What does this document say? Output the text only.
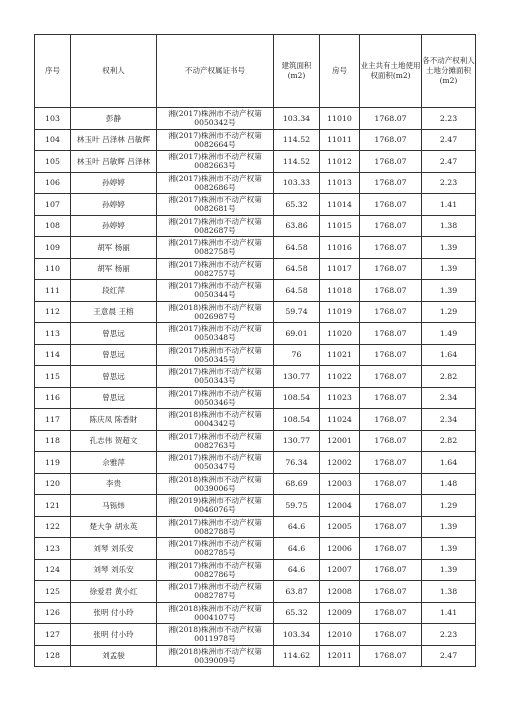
序号	权利人	不动产权属证书号	建筑面积(m2)	房号	业主共有土地使用权面积(m2)	各不动产权利人土地分摊面积(m2)
103	彭静	湘(2017)株洲市不动产权第0050342号	103.34	11010	1768.07	2.23
104	林玉叶 吕泽林 吕敏辉	湘(2017)株洲市不动产权第0082664号	114.52	11011	1768.07	2.47
105	林玉叶 吕敏辉 吕泽林	湘(2017)株洲市不动产权第0082663号	114.52	11012	1768.07	2.47
106	孙婷婷	湘(2017)株洲市不动产权第0082686号	103.33	11013	1768.07	2.23
107	孙婷婷	湘(2017)株洲市不动产权第0082681号	65.32	11014	1768.07	1.41
108	孙婷婷	湘(2017)株洲市不动产权第0082687号	63.86	11015	1768.07	1.38
109	胡军 杨丽	湘(2017)株洲市不动产权第0082758号	64.58	11016	1768.07	1.39
110	胡军 杨丽	湘(2017)株洲市不动产权第0082757号	64.58	11017	1768.07	1.39
111	段红萍	湘(2017)株洲市不动产权第0050344号	64.58	11018	1768.07	1.39
112	王意晨 王榕	湘(2018)株洲市不动产权第0026987号	59.74	11019	1768.07	1.29
113	曾思远	湘(2017)株洲市不动产权第0050348号	69.01	11020	1768.07	1.49
114	曾思远	湘(2017)株洲市不动产权第0050345号	76	11021	1768.07	1.64
115	曾思远	湘(2017)株洲市不动产权第0050343号	130.77	11022	1768.07	2.82
116	曾思远	湘(2017)株洲市不动产权第0050346号	108.54	11023	1768.07	2.34
117	陈庆凤 陈香財	湘(2018)株洲市不动产权第0004342号	108.54	11024	1768.07	2.34
118	孔志伟 贺超文	湘(2017)株洲市不动产权第0082763号	130.77	12001	1768.07	2.82
119	佘雅萍	湘(2017)株洲市不动产权第0050347号	76.34	12002	1768.07	1.64
120	李贵	湘(2018)株洲市不动产权第0039006号	68.69	12003	1768.07	1.48
121	马铄炜	湘(2019)株洲市不动产权第0046076号	59.75	12004	1768.07	1.29
122	楚大争 胡永英	湘(2017)株洲市不动产权第0082788号	64.6	12005	1768.07	1.39
123	刘琴 刘乐安	湘(2017)株洲市不动产权第0082785号	64.6	12006	1768.07	1.39
124	刘琴 刘乐安	湘(2017)株洲市不动产权第0082786号	64.6	12007	1768.07	1.39
125	徐爱君 黄小红	湘(2017)株洲市不动产权第0082787号	63.87	12008	1768.07	1.38
126	张明 付小玲	湘(2018)株洲市不动产权第0004107号	65.32	12009	1768.07	1.41
127	张明 付小玲	湘(2018)株洲市不动产权第0011978号	103.34	12010	1768.07	2.23
128	刘孟骏	湘(2018)株洲市不动产权第0039009号	114.62	12011	1768.07	2.47
